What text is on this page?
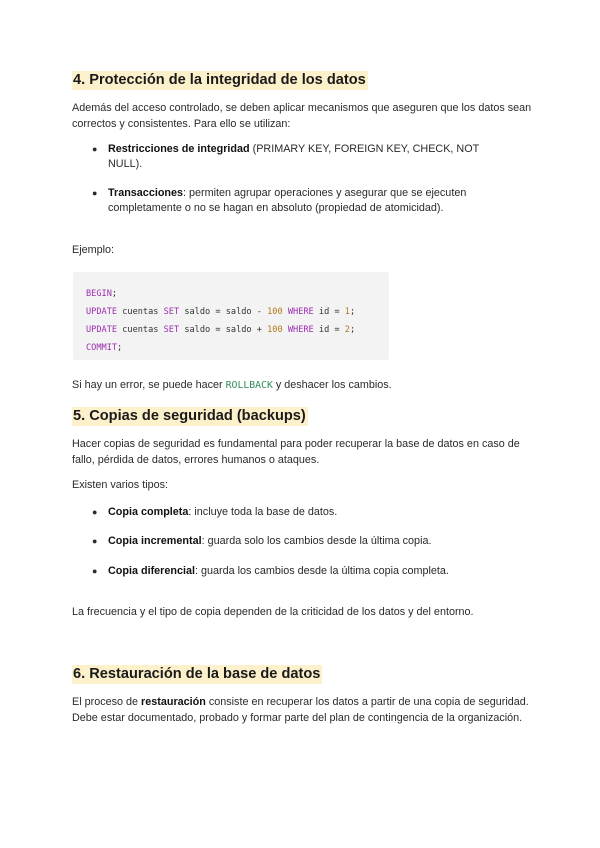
4. Protección de la integridad de los datos

Además del acceso controlado, se deben aplicar mecanismos que aseguren que los datos sean correctos y consistentes. Para ello se utilizan:

● Restricciones de integridad (PRIMARY KEY, FOREIGN KEY, CHECK, NOT NULL).
● Transacciones: permiten agrupar operaciones y asegurar que se ejecuten completamente o no se hagan en absoluto (propiedad de atomicidad).

Ejemplo:

BEGIN;
UPDATE cuentas SET saldo = saldo - 100 WHERE id = 1;
UPDATE cuentas SET saldo = saldo + 100 WHERE id = 2;
COMMIT;

Si hay un error, se puede hacer ROLLBACK y deshacer los cambios.

5. Copias de seguridad (backups)

Hacer copias de seguridad es fundamental para poder recuperar la base de datos en caso de fallo, pérdida de datos, errores humanos o ataques.

Existen varios tipos:

● Copia completa: incluye toda la base de datos.
● Copia incremental: guarda solo los cambios desde la última copia.
● Copia diferencial: guarda los cambios desde la última copia completa.

La frecuencia y el tipo de copia dependen de la criticidad de los datos y del entorno.

6. Restauración de la base de datos

El proceso de restauración consiste en recuperar los datos a partir de una copia de seguridad. Debe estar documentado, probado y formar parte del plan de contingencia de la organización.
